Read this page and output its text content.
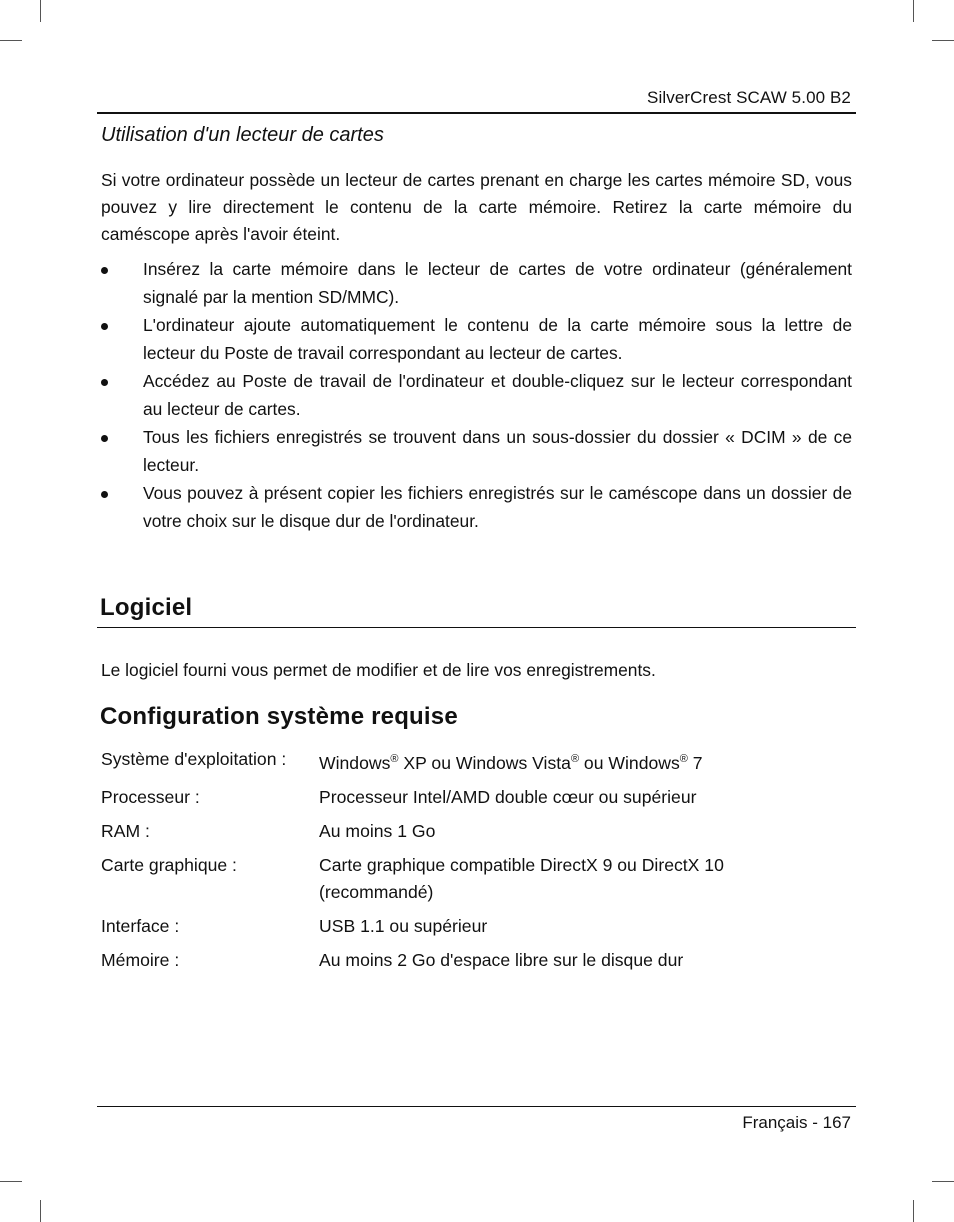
SilverCrest SCAW 5.00 B2
Utilisation d'un lecteur de cartes

Si votre ordinateur possède un lecteur de cartes prenant en charge les cartes mémoire SD, vous pouvez y lire directement le contenu de la carte mémoire. Retirez la carte mémoire du caméscope après l'avoir éteint.

Insérez la carte mémoire dans le lecteur de cartes de votre ordinateur (généralement signalé par la mention SD/MMC).
L'ordinateur ajoute automatiquement le contenu de la carte mémoire sous la lettre de lecteur du Poste de travail correspondant au lecteur de cartes.
Accédez au Poste de travail de l'ordinateur et double-cliquez sur le lecteur correspondant au lecteur de cartes.
Tous les fichiers enregistrés se trouvent dans un sous-dossier du dossier « DCIM » de ce lecteur.
Vous pouvez à présent copier les fichiers enregistrés sur le caméscope dans un dossier de votre choix sur le disque dur de l'ordinateur.
Logiciel

Le logiciel fourni vous permet de modifier et de lire vos enregistrements.

Configuration système requise
Système d'exploitation :	Windows® XP ou Windows Vista® ou Windows® 7
Processeur :	Processeur Intel/AMD double cœur ou supérieur
RAM :	Au moins 1 Go
Carte graphique :	Carte graphique compatible DirectX 9 ou DirectX 10 (recommandé)
Interface :	USB 1.1 ou supérieur
Mémoire :	Au moins 2 Go d'espace libre sur le disque dur
Français - 167
